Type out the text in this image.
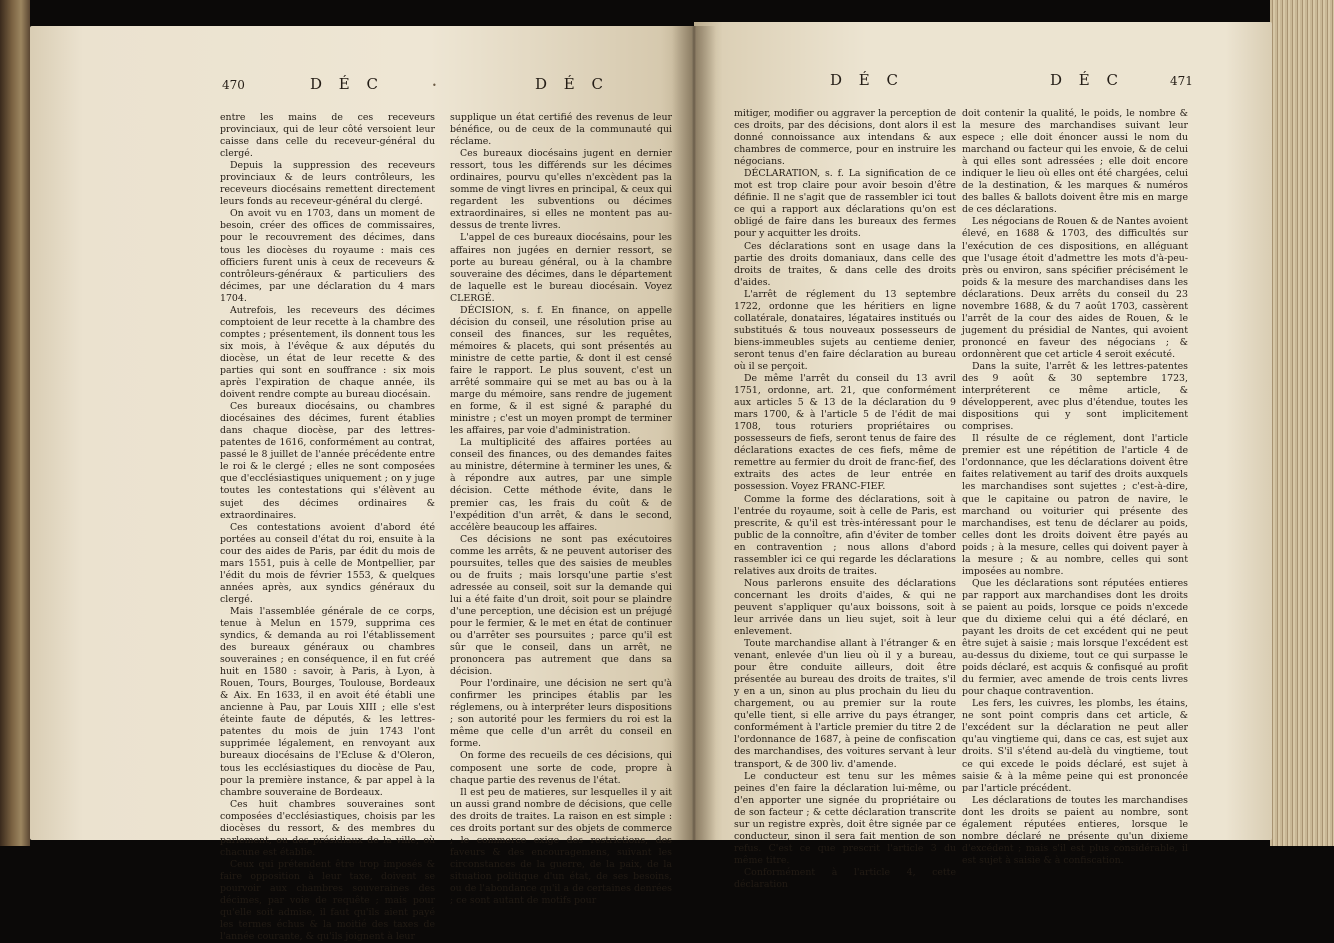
470	D É C	•	D É C

entre les mains de ces receveurs provinciaux, qui de leur côté versoient leur caisse dans celle du receveur-général du clergé.

Depuis la suppression des receveurs provinciaux & de leurs contrôleurs, les receveurs diocésains remettent directement leurs fonds au receveur-général du clergé.

On avoit vu en 1703, dans un moment de besoin, créer des offices de commissaires, pour le recouvrement des décimes, dans tous les diocèses du royaume : mais ces officiers furent unis à ceux de receveurs & contrôleurs-généraux & particuliers des décimes, par une déclaration du 4 mars 1704.

Autrefois, les receveurs des décimes comptoient de leur recette à la chambre des comptes ; présentement, ils donnent tous les six mois, à l'évêque & aux députés du diocèse, un état de leur recette & des parties qui sont en souffrance : six mois après l'expiration de chaque année, ils doivent rendre compte au bureau diocésain.

Ces bureaux diocésains, ou chambres diocésaines des décimes, furent établies dans chaque diocèse, par des lettres-patentes de 1616, conformément au contrat, passé le 8 juillet de l'année précédente entre le roi & le clergé ; elles ne sont composées que d'ecclésiastiques uniquement ; on y juge toutes les contestations qui s'élèvent au sujet des décimes ordinaires & extraordinaires.

Ces contestations avoient d'abord été portées au conseil d'état du roi, ensuite à la cour des aides de Paris, par édit du mois de mars 1551, puis à celle de Montpellier, par l'édit du mois de février 1553, & quelques années après, aux syndics généraux du clergé.

Mais l'assemblée générale de ce corps, tenue à Melun en 1579, supprima ces syndics, & demanda au roi l'établissement des bureaux généraux ou chambres souveraines ; en conséquence, il en fut créé huit en 1580 : savoir, à Paris, à Lyon, à Rouen, Tours, Bourges, Toulouse, Bordeaux & Aix. En 1633, il en avoit été établi une ancienne à Pau, par Louis XIII ; elle s'est éteinte faute de députés, & les lettres-patentes du mois de juin 1743 l'ont supprimée légalement, en renvoyant aux bureaux diocésains de l'Ecluse & d'Oleron, tous les ecclésiastiques du diocèse de Pau, pour la première instance, & par appel à la chambre souveraine de Bordeaux.

Ces huit chambres souveraines sont composées d'ecclésiastiques, choisis par les diocèses du ressort, & des membres du parlement, ou des présidiaux de la ville, où chacune est établie.

Ceux qui prétendent être trop imposés & faire opposition à leur taxe, doivent se pourvoir aux chambres souveraines des décimes, par voie de requête ; mais pour qu'elle soit admise, il faut qu'ils aient payé les termes échus & la moitié des taxes de l'année courante, & qu'ils joignent à leur

supplique un état certifié des revenus de leur bénéfice, ou de ceux de la communauté qui réclame.

Ces bureaux diocésains jugent en dernier ressort, tous les différends sur les décimes ordinaires, pourvu qu'elles n'excèdent pas la somme de vingt livres en principal, & ceux qui regardent les subventions ou décimes extraordinaires, si elles ne montent pas au-dessus de trente livres.

L'appel de ces bureaux diocésains, pour les affaires non jugées en dernier ressort, se porte au bureau général, ou à la chambre souveraine des décimes, dans le département de laquelle est le bureau diocésain. Voyez CLERGÉ.

DÉCISION, s. f. En finance, on appelle décision du conseil, une résolution prise au conseil des finances, sur les requêtes, mémoires & placets, qui sont présentés au ministre de cette partie, & dont il est censé faire le rapport. Le plus souvent, c'est un arrêté sommaire qui se met au bas ou à la marge du mémoire, sans rendre de jugement en forme, & il est signé & paraphé du ministre ; c'est un moyen prompt de terminer les affaires, par voie d'administration.

La multiplicité des affaires portées au conseil des finances, ou des demandes faites au ministre, détermine à terminer les unes, & à répondre aux autres, par une simple décision. Cette méthode évite, dans le premier cas, les frais du coût & de l'expédition d'un arrêt, & dans le second, accélère beaucoup les affaires.

Ces décisions ne sont pas exécutoires comme les arrêts, & ne peuvent autoriser des poursuites, telles que des saisies de meubles ou de fruits ; mais lorsqu'une partie s'est adressée au conseil, soit sur la demande qui lui a été faite d'un droit, soit pour se plaindre d'une perception, une décision est un préjugé pour le fermier, & le met en état de continuer ou d'arrêter ses poursuites ; parce qu'il est sûr que le conseil, dans un arrêt, ne prononcera pas autrement que dans sa décision.

Pour l'ordinaire, une décision ne sert qu'à confirmer les principes établis par les réglemens, ou à interpréter leurs dispositions ; son autorité pour les fermiers du roi est la même que celle d'un arrêt du conseil en forme.

On forme des recueils de ces décisions, qui composent une sorte de code, propre à chaque partie des revenus de l'état.

Il est peu de matieres, sur lesquelles il y ait un aussi grand nombre de décisions, que celle des droits de traites. La raison en est simple : ces droits portant sur des objets de commerce ; le commerce exige des restrictions, des faveurs & des encouragemens, suivant les circonstances de la guerre, de la paix, de la situation politique d'un état, de ses besoins, ou de l'abondance qu'il a de certaines denrées ; ce sont autant de motifs pour

D É C	D É C	471

mitiger, modifier ou aggraver la perception de ces droits, par des décisions, dont alors il est donné connoissance aux intendans & aux chambres de commerce, pour en instruire les négocians.

DÉCLARATION, s. f. La signification de ce mot est trop claire pour avoir besoin d'être définie. Il ne s'agit que de rassembler ici tout ce qui a rapport aux déclarations qu'on est obligé de faire dans les bureaux des fermes pour y acquitter les droits.

Ces déclarations sont en usage dans la partie des droits domaniaux, dans celle des droits de traites, & dans celle des droits d'aides.

L'arrêt de réglement du 13 septembre 1722, ordonne que les héritiers en ligne collatérale, donataires, légataires institués ou substitués & tous nouveaux possesseurs de biens-immeubles sujets au centieme denier, seront tenus d'en faire déclaration au bureau où il se perçoit.

De même l'arrêt du conseil du 13 avril 1751, ordonne, art. 21, que conformément aux articles 5 & 13 de la déclaration du 9 mars 1700, & à l'article 5 de l'édit de mai 1708, tous roturiers propriétaires ou possesseurs de fiefs, seront tenus de faire des déclarations exactes de ces fiefs, même de remettre au fermier du droit de franc-fief, des extraits des actes de leur entrée en possession. Voyez FRANC-FIEF.

Comme la forme des déclarations, soit à l'entrée du royaume, soit à celle de Paris, est prescrite, & qu'il est très-intéressant pour le public de la connoître, afin d'éviter de tomber en contravention ; nous allons d'abord rassembler ici ce qui regarde les déclarations relatives aux droits de traites.

Nous parlerons ensuite des déclarations concernant les droits d'aides, & qui ne peuvent s'appliquer qu'aux boissons, soit à leur arrivée dans un lieu sujet, soit à leur enlevement.

Toute marchandise allant à l'étranger & en venant, enlevée d'un lieu où il y a bureau, pour être conduite ailleurs, doit être présentée au bureau des droits de traites, s'il y en a un, sinon au plus prochain du lieu du chargement, ou au premier sur la route qu'elle tient, si elle arrive du pays étranger, conformément à l'article premier du titre 2 de l'ordonnance de 1687, à peine de confiscation des marchandises, des voitures servant à leur transport, & de 300 liv. d'amende.

Le conducteur est tenu sur les mêmes peines d'en faire la déclaration lui-même, ou d'en apporter une signée du propriétaire ou de son facteur ; & cette déclaration transcrite sur un registre exprès, doit être signée par ce conducteur, sinon il sera fait mention de son refus. C'est ce que prescrit l'article 3 du même titre.

Conformément à l'article 4, cette déclaration

doit contenir la qualité, le poids, le nombre & la mesure des marchandises suivant leur espece ; elle doit énoncer aussi le nom du marchand ou facteur qui les envoie, & de celui à qui elles sont adressées ; elle doit encore indiquer le lieu où elles ont été chargées, celui de la destination, & les marques & numéros des balles & ballots doivent être mis en marge de ces déclarations.

Les négocians de Rouen & de Nantes avoient élevé, en 1688 & 1703, des difficultés sur l'exécution de ces dispositions, en alléguant que l'usage étoit d'admettre les mots d'à-peu-près ou environ, sans spécifier précisément le poids & la mesure des marchandises dans les déclarations. Deux arrêts du conseil du 23 novembre 1688, & du 7 août 1703, cassèrent l'arrêt de la cour des aides de Rouen, & le jugement du présidial de Nantes, qui avoient prononcé en faveur des négocians ; & ordonnèrent que cet article 4 seroit exécuté.

Dans la suite, l'arrêt & les lettres-patentes des 9 août & 30 septembre 1723, interpréterent ce même article, & développerent, avec plus d'étendue, toutes les dispositions qui y sont implicitement comprises.

Il résulte de ce réglement, dont l'article premier est une répétition de l'article 4 de l'ordonnance, que les déclarations doivent être faites relativement au tarif des droits auxquels les marchandises sont sujettes ; c'est-à-dire, que le capitaine ou patron de navire, le marchand ou voiturier qui présente des marchandises, est tenu de déclarer au poids, celles dont les droits doivent être payés au poids ; à la mesure, celles qui doivent payer à la mesure ; & au nombre, celles qui sont imposées au nombre.

Que les déclarations sont réputées entieres par rapport aux marchandises dont les droits se paient au poids, lorsque ce poids n'excede que du dixieme celui qui a été déclaré, en payant les droits de cet excédent qui ne peut être sujet à saisie ; mais lorsque l'excédent est au-dessus du dixieme, tout ce qui surpasse le poids déclaré, est acquis & confisqué au profit du fermier, avec amende de trois cents livres pour chaque contravention.

Les fers, les cuivres, les plombs, les étains, ne sont point compris dans cet article, & l'excédent sur la déclaration ne peut aller qu'au vingtieme qui, dans ce cas, est sujet aux droits. S'il s'étend au-delà du vingtieme, tout ce qui excede le poids déclaré, est sujet à saisie & à la même peine qui est prononcée par l'article précédent.

Les déclarations de toutes les marchandises dont les droits se paient au nombre, sont également réputées entieres, lorsque le nombre déclaré ne présente qu'un dixieme d'excédent ; mais s'il est plus considérable, il est sujet à saisie & à confiscation.
